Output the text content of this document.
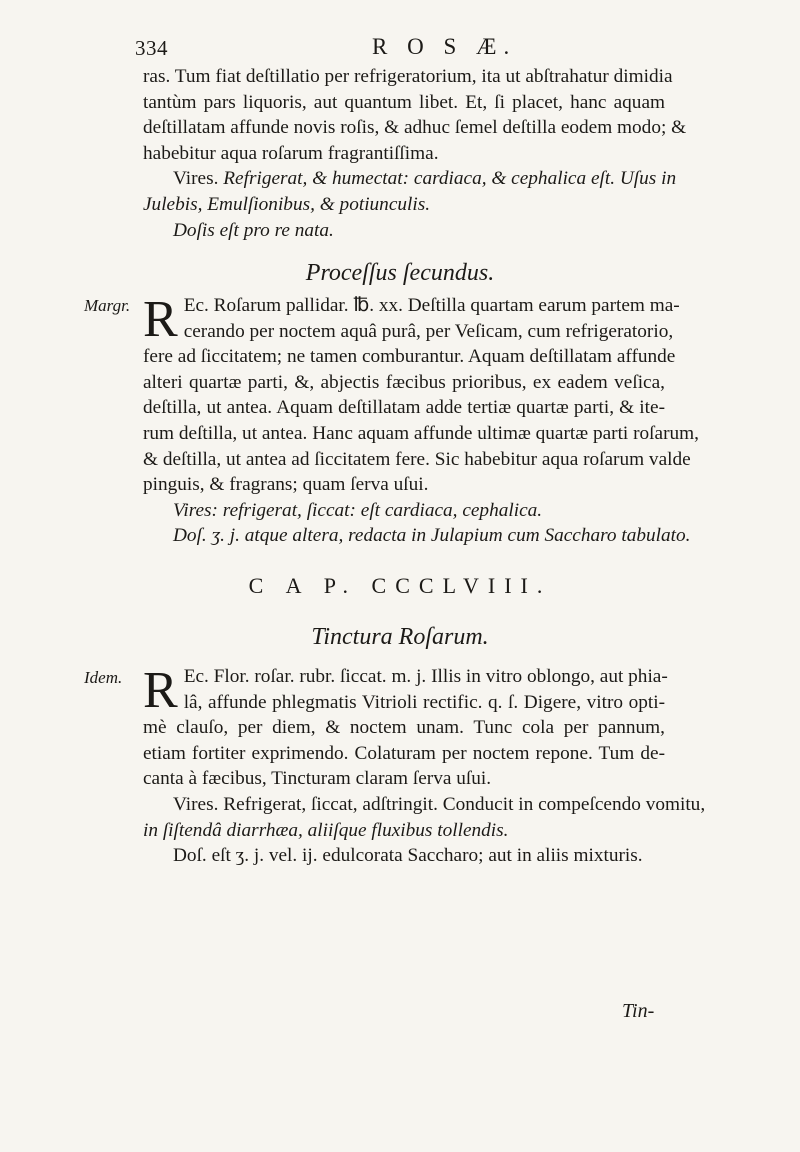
334	R O S Æ.
ras. Tum fiat deſtillatio per refrigeratorium, ita ut abſtrahatur dimidia
tantùm pars liquoris, aut quantum libet. Et, ſi placet, hanc aquam
deſtillatam affunde novis roſis, & adhuc ſemel deſtilla eodem modo; &
habebitur aqua roſarum fragrantiſſima.
Vires. Refrigerat, & humectat: cardiaca, & cephalica eſt. Uſus in
Julebis, Emulſionibus, & potiunculis.
Doſis eſt pro re nata.
Proceſſus ſecundus.
Margr. R Ec. Roſarum pallidar. ℔. xx. Deſtilla quartam earum partem ma-
cerando per noctem aquâ purâ, per Veſicam, cum refrigeratorio,
fere ad ſiccitatem; ne tamen comburantur. Aquam deſtillatam affunde
alteri quartæ parti, &, abjectis fæcibus prioribus, ex eadem veſica,
deſtilla, ut antea. Aquam deſtillatam adde tertiæ quartæ parti, & ite-
rum deſtilla, ut antea. Hanc aquam affunde ultimæ quartæ parti roſarum,
& deſtilla, ut antea ad ſiccitatem fere. Sic habebitur aqua roſarum valde
pinguis, & fragrans; quam ſerva uſui.
Vires: refrigerat, ſiccat: eſt cardiaca, cephalica.
Doſ. ʒ. j. atque altera, redacta in Julapium cum Saccharo tabulato.
C A P. CCCLVIII.
Tinctura Roſarum.
Idem. R Ec. Flor. roſar. rubr. ſiccat. m. j. Illis in vitro oblongo, aut phia-
lâ, affunde phlegmatis Vitrioli rectific. q. ſ. Digere, vitro opti-
mè clauſo, per diem, & noctem unam. Tunc cola per pannum,
etiam fortiter exprimendo. Colaturam per noctem repone. Tum de-
canta à fæcibus, Tincturam claram ſerva uſui.
Vires. Refrigerat, ſiccat, adſtringit. Conducit in compeſcendo vomitu,
in ſiſtendâ diarrhæa, aliiſque fluxibus tollendis.
Doſ. eſt ʒ. j. vel. ij. edulcorata Saccharo; aut in aliis mixturis.
Tin-
